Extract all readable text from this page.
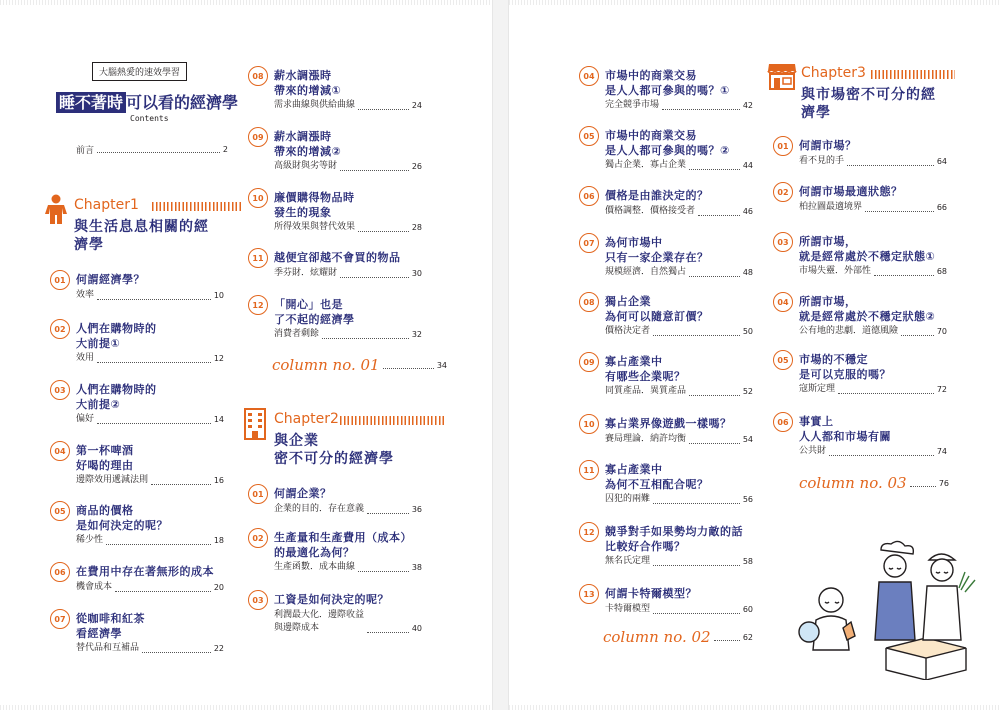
大腦熱愛的速效學習
睡不著時 可以看的經濟學
Contents
前言	2
Chapter1
與生活息息相關的經濟學
01 何謂經濟學？
效率	10
02 人們在購物時的
大前提①
效用	12
03 人們在購物時的
大前提②
偏好	14
04 第一杯啤酒
好喝的理由
邊際效用遞減法則	16
05 商品的價格
是如何決定的呢？
稀少性	18
06 在費用中存在著無形的成本
機會成本	20
07 從咖啡和紅茶
看經濟學
替代品和互補品	22
08 薪水調漲時
帶來的增減①
需求曲線與供給曲線	24
09 薪水調漲時
帶來的增減②
高級財與劣等財	26
10 廉價購得物品時
發生的現象
所得效果與替代效果	28
11 越便宜卻越不會買的物品
季芬財．炫耀財	30
12 「開心」也是
了不起的經濟學
消費者剩餘	32
column no. 01	34
Chapter2
與企業
密不可分的經濟學
01 何謂企業？
企業的目的．存在意義	36
02 生產量和生產費用（成本）
的最適化為何？
生產函數．成本曲線	38
03 工資是如何決定的呢？
利潤最大化．邊際收益
與邊際成本	40
04 市場中的商業交易
是人人都可參與的嗎？①
完全競爭市場	42
05 市場中的商業交易
是人人都可參與的嗎？②
獨占企業．寡占企業	44
06 價格是由誰決定的？
價格調整．價格接受者	46
07 為何市場中
只有一家企業存在？
規模經濟．自然獨占	48
08 獨占企業
為何可以隨意訂價？
價格決定者	50
09 寡占產業中
有哪些企業呢？
同質產品．異質產品	52
10 寡占業界像遊戲一樣嗎？
賽局理論．納許均衡	54
11 寡占產業中
為何不互相配合呢？
囚犯的兩難	56
12 競爭對手如果勢均力敵的話
比較好合作嗎？
無名氏定理	58
13 何謂卡特爾模型？
卡特爾模型	60
column no. 02	62
Chapter3
與市場密不可分的經濟學
01 何謂市場？
看不見的手	64
02 何謂市場最適狀態？
柏拉圖最適境界	66
03 所謂市場，
就是經常處於不穩定狀態①
市場失靈．外部性	68
04 所謂市場，
就是經常處於不穩定狀態②
公有地的悲劇．道德風險	70
05 市場的不穩定
是可以克服的嗎？
寇斯定理	72
06 事實上
人人都和市場有關
公共財	74
column no. 03	76
